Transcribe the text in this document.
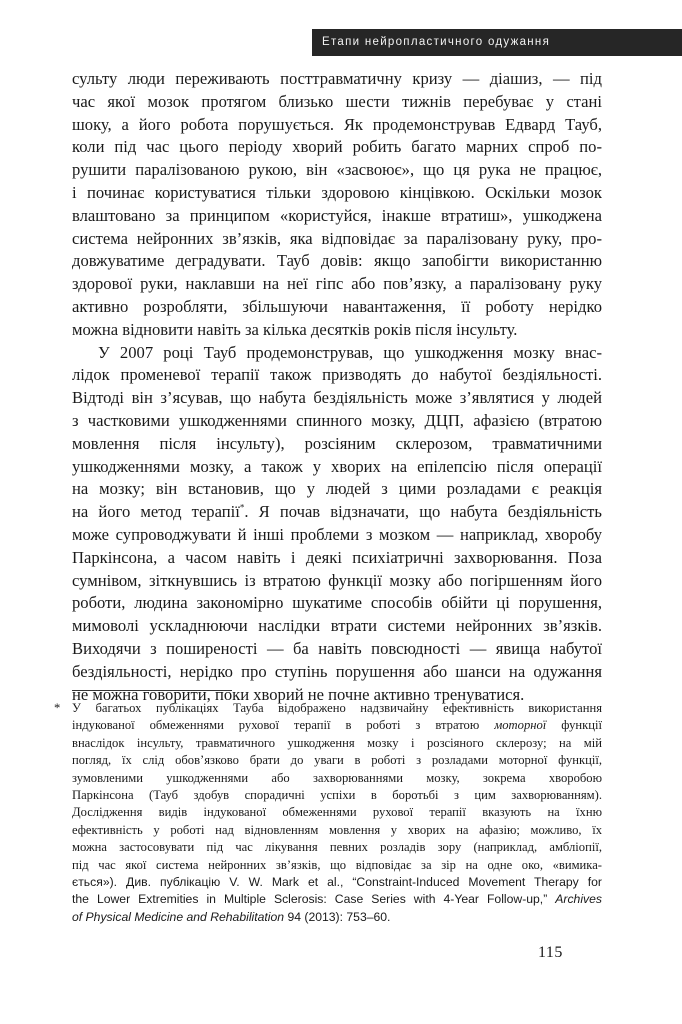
Етапи нейропластичного одужання

сульту люди переживають посттравматичну кризу — діашиз, — під
час якої мозок протягом близько шести тижнів перебуває у стані
шоку, а його робота порушується. Як продемонстрував Едвард Тауб,
коли під час цього періоду хворий робить багато марних спроб по-
рушити паралізованою рукою, він «засвоює», що ця рука не працює,
і починає користуватися тільки здоровою кінцівкою. Оскільки мозок
влаштовано за принципом «користуйся, інакше втратиш», ушкоджена
система нейронних зв’язків, яка відповідає за паралізовану руку, про-
довжуватиме деградувати. Тауб довів: якщо запобігти використанню
здорової руки, наклавши на неї гіпс або пов’язку, а паралізовану руку
активно розробляти, збільшуючи навантаження, її роботу нерідко
можна відновити навіть за кілька десятків років після інсульту.

У 2007 році Тауб продемонстрував, що ушкодження мозку внас-
лідок променевої терапії також призводять до набутої бездіяльності.
Відтоді він з’ясував, що набута бездіяльність може з’являтися у людей
з частковими ушкодженнями спинного мозку, ДЦП, афазією (втратою
мовлення після інсульту), розсіяним склерозом, травматичними
ушкодженнями мозку, а також у хворих на епілепсію після операції
на мозку; він встановив, що у людей з цими розладами є реакція
на його метод терапії*. Я почав відзначати, що набута бездіяльність
може супроводжувати й інші проблеми з мозком — наприклад, хворобу
Паркінсона, а часом навіть і деякі психіатричні захворювання. Поза
сумнівом, зіткнувшись із втратою функції мозку або погіршенням його
роботи, людина закономірно шукатиме способів обійти ці порушення,
мимоволі ускладнюючи наслідки втрати системи нейронних зв’язків.
Виходячи з поширеності — ба навіть повсюдності — явища набутої
бездіяльності, нерідко про ступінь порушення або шанси на одужання
не можна говорити, поки хворий не почне активно тренуватися.

* У багатьох публікаціях Тауба відображено надзвичайну ефективність використання
індукованої обмеженнями рухової терапії в роботі з втратою моторної функції
внаслідок інсульту, травматичного ушкодження мозку і розсіяного склерозу; на мій
погляд, їх слід обов’язково брати до уваги в роботі з розладами моторної функції,
зумовленими ушкодженнями або захворюваннями мозку, зокрема хворобою
Паркінсона (Тауб здобув спорадичні успіхи в боротьбі з цим захворюванням).
Дослідження видів індукованої обмеженнями рухової терапії вказують на їхню
ефективність у роботі над відновленням мовлення у хворих на афазію; можливо, їх
можна застосовувати під час лікування певних розладів зору (наприклад, амбліопії,
під час якої система нейронних зв’язків, що відповідає за зір на одне око, «вимика-
ється»). Див. публікацію V. W. Mark et al., “Constraint-Induced Movement Therapy for
the Lower Extremities in Multiple Sclerosis: Case Series with 4-Year Follow-up,” Archives
of Physical Medicine and Rehabilitation 94 (2013): 753–60.
115
